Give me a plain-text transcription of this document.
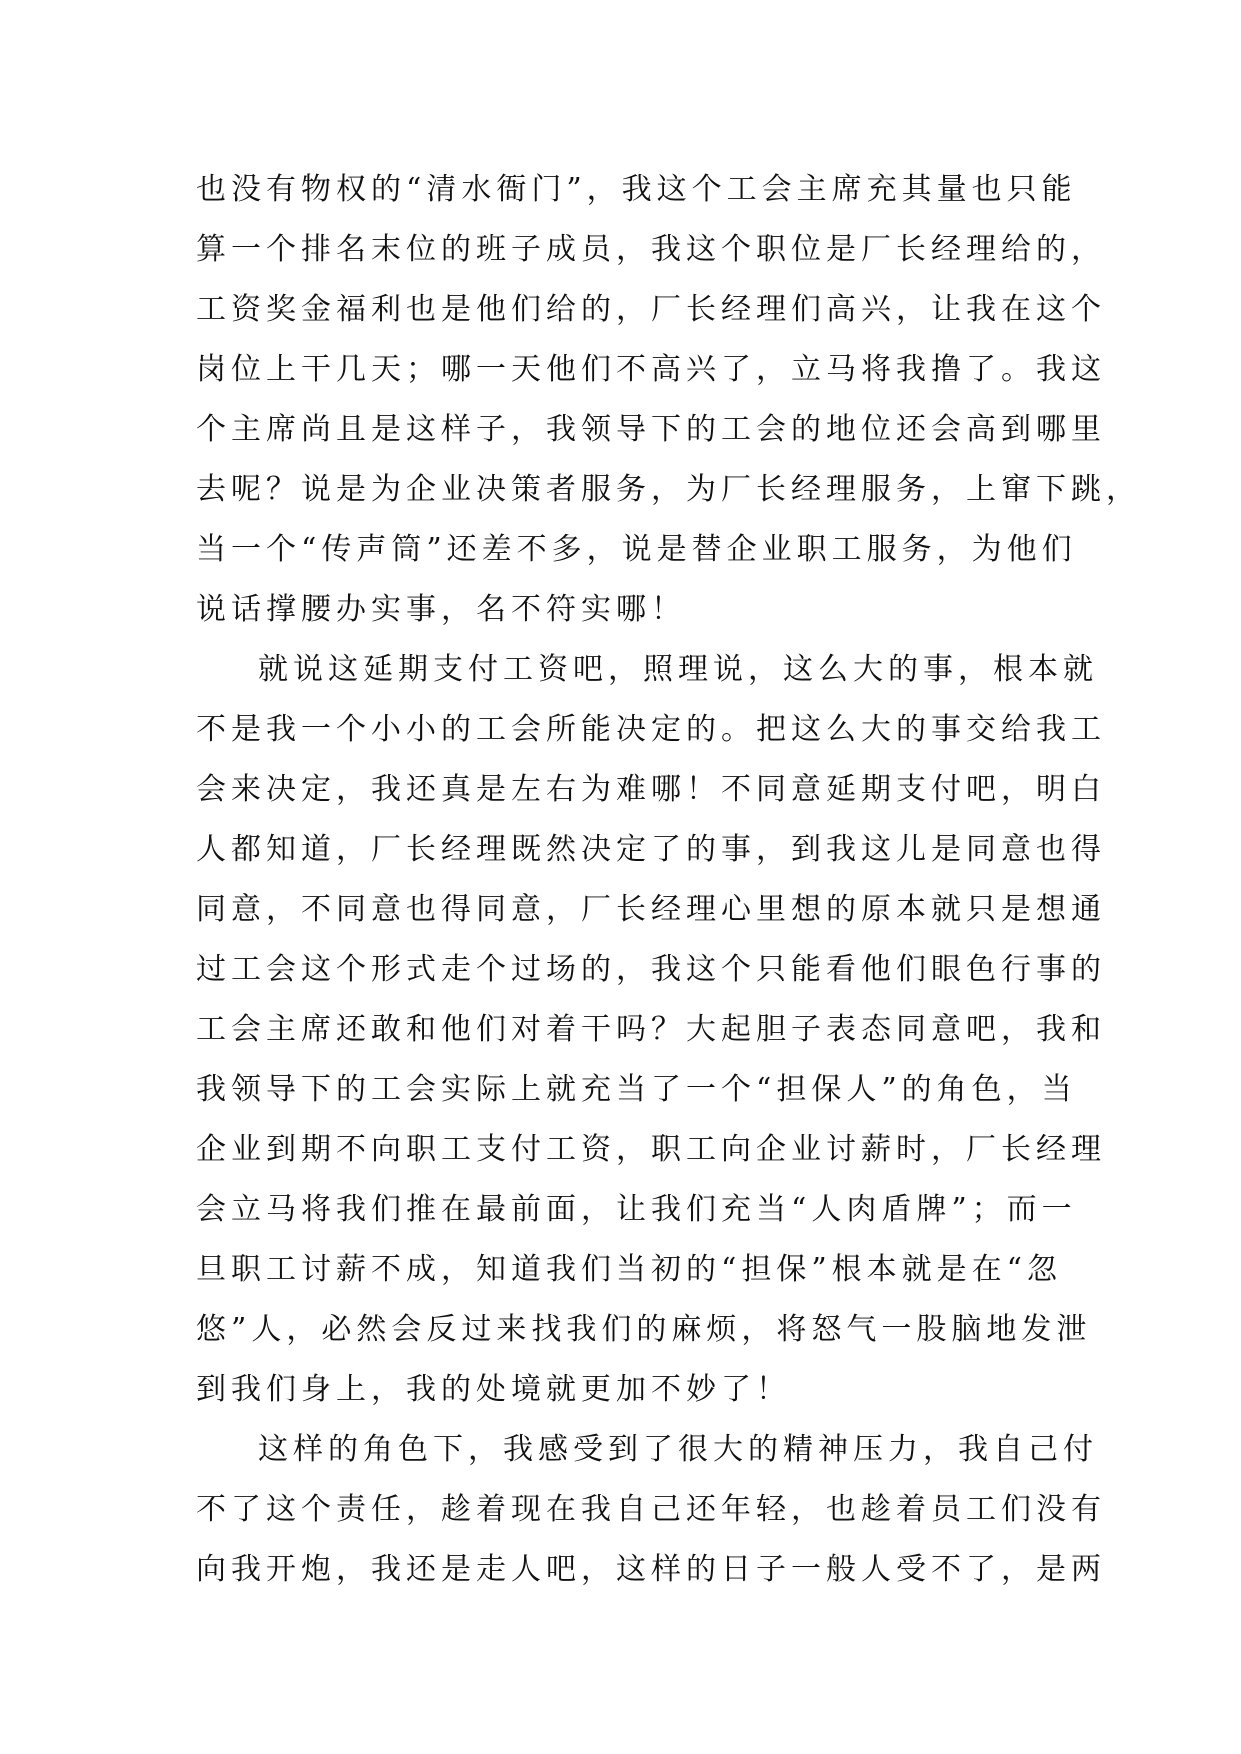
也没有物权的“清水衙门”，我这个工会主席充其量也只能
算一个排名末位的班子成员，我这个职位是厂长经理给的，
工资奖金福利也是他们给的，厂长经理们高兴，让我在这个
岗位上干几天；哪一天他们不高兴了，立马将我撸了。我这
个主席尚且是这样子，我领导下的工会的地位还会高到哪里
去呢？说是为企业决策者服务，为厂长经理服务，上窜下跳，
当一个“传声筒”还差不多，说是替企业职工服务，为他们
说话撑腰办实事，名不符实哪！
就说这延期支付工资吧，照理说，这么大的事，根本就
不是我一个小小的工会所能决定的。把这么大的事交给我工
会来决定，我还真是左右为难哪！不同意延期支付吧，明白
人都知道，厂长经理既然决定了的事，到我这儿是同意也得
同意，不同意也得同意，厂长经理心里想的原本就只是想通
过工会这个形式走个过场的，我这个只能看他们眼色行事的
工会主席还敢和他们对着干吗？大起胆子表态同意吧，我和
我领导下的工会实际上就充当了一个“担保人”的角色，当
企业到期不向职工支付工资，职工向企业讨薪时，厂长经理
会立马将我们推在最前面，让我们充当“人肉盾牌”；而一
旦职工讨薪不成，知道我们当初的“担保”根本就是在“忽
悠”人，必然会反过来找我们的麻烦，将怒气一股脑地发泄
到我们身上，我的处境就更加不妙了！
这样的角色下，我感受到了很大的精神压力，我自己付
不了这个责任，趁着现在我自己还年轻，也趁着员工们没有
向我开炮，我还是走人吧，这样的日子一般人受不了，是两
